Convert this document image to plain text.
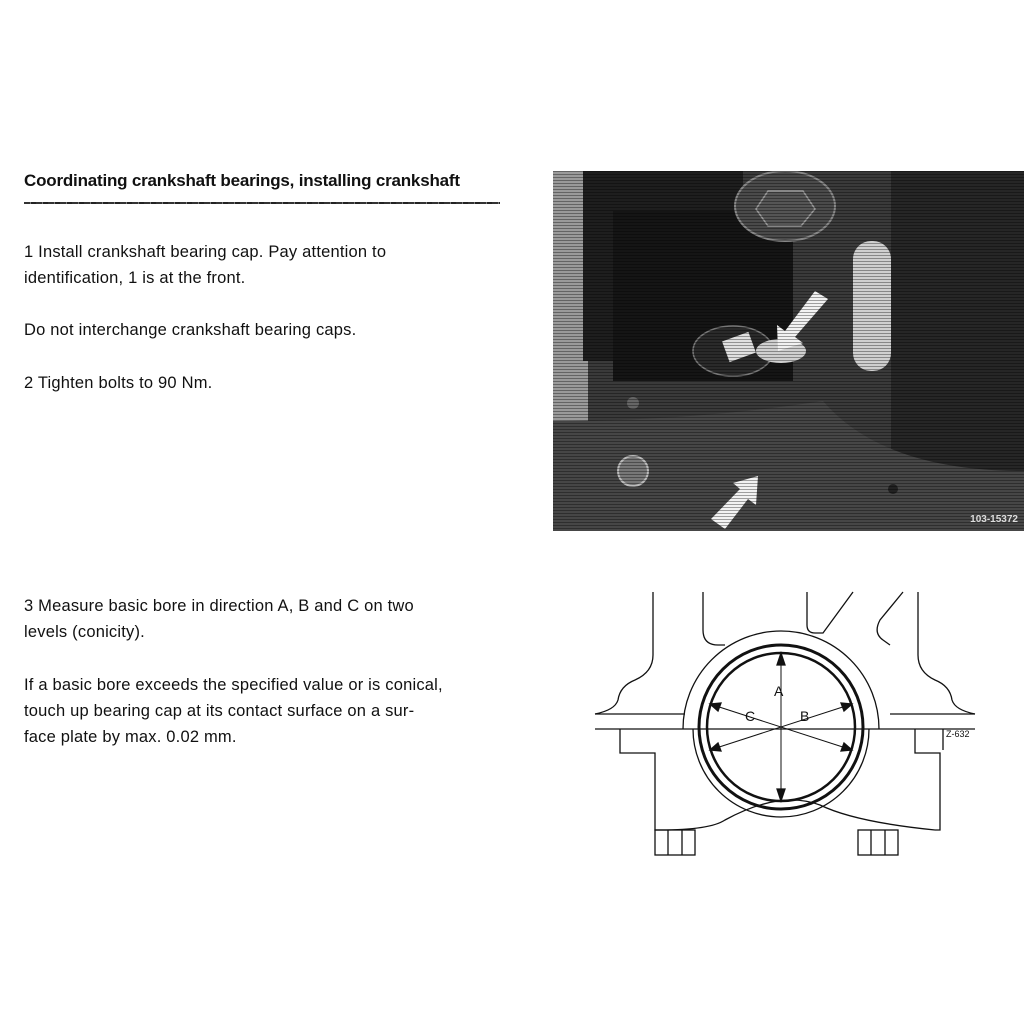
Coordinating crankshaft bearings, installing crankshaft
1 Install crankshaft bearing cap. Pay attention to
identification, 1 is at the front.
Do not interchange crankshaft bearing caps.
2 Tighten bolts to 90 Nm.
3 Measure basic bore in direction A, B and C on two
levels (conicity).
If a basic bore exceeds the specified value or is conical,
touch up bearing cap at its contact surface on a sur-
face plate by max. 0.02 mm.
103-15372
A
B
C
Z-632
